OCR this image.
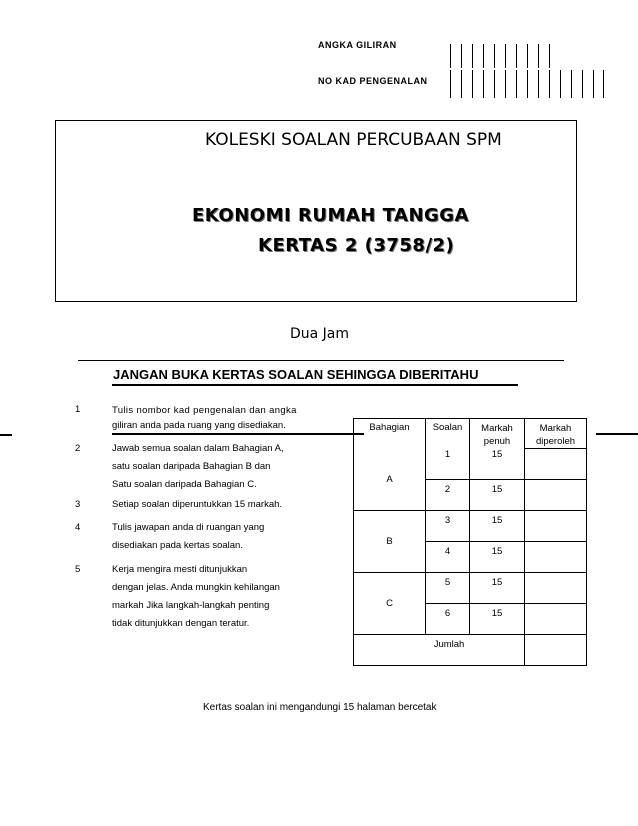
ANGKA GILIRAN
NO KAD PENGENALAN
KOLESKI SOALAN PERCUBAAN SPM
EKONOMI RUMAH TANGGA
KERTAS 2 (3758/2)
Dua Jam
JANGAN BUKA KERTAS SOALAN SEHINGGA DIBERITAHU
1	Tulis nombor kad pengenalan dan angka
giliran anda pada ruang yang disediakan.
2	Jawab semua soalan dalam Bahagian A,
satu soalan daripada Bahagian B dan
Satu soalan daripada Bahagian C.
3	Setiap soalan diperuntukkan 15 markah.
4	Tulis jawapan anda di ruangan yang
disediakan pada kertas soalan.
5	Kerja mengira mesti ditunjukkan
dengan jelas. Anda mungkin kehilangan
markah Jika langkah-langkah penting
tidak ditunjukkan dengan teratur.
Bahagian	Soalan	Markah penuh	Markah diperoleh
A	1	15	
	2	15	
B	3	15	
	4	15	
C	5	15	
	6	15	
Jumlah			
Kertas soalan ini mengandungi 15 halaman bercetak
